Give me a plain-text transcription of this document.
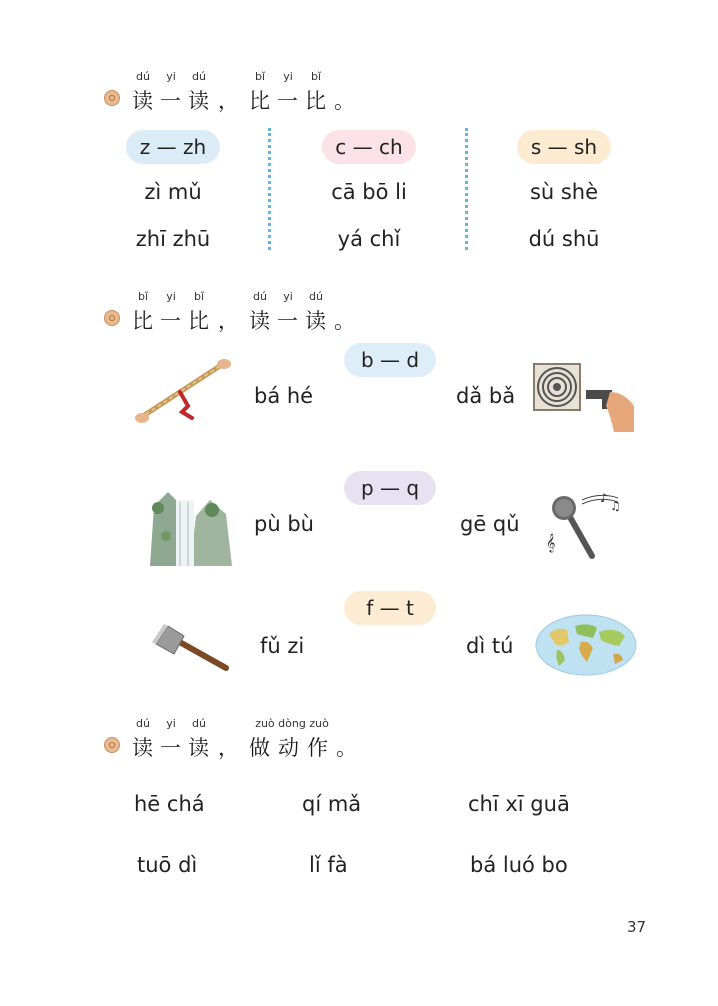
dú	yi	dú	bǐ	yi	bǐ
读 一 读 ， 比 一 比 。
z — zh
zì mǔ
zhī zhū
c — ch
cā bō li
yá chǐ
s — sh
sù shè
dú shū
bǐ	yi	bǐ	dú	yi	dú
比 一 比 ， 读 一 读 。
b — d
bá hé	dǎ bǎ
p — q
pù bù	gē qǔ
♪
♫
𝄞
f — t
fǔ zi	dì tú
dú	yi	dú	zuò dòng zuò
读 一 读 ， 做 动 作 。
hē chá	qí mǎ	chī xī guā
tuō dì	lǐ fà	bá luó bo
37
